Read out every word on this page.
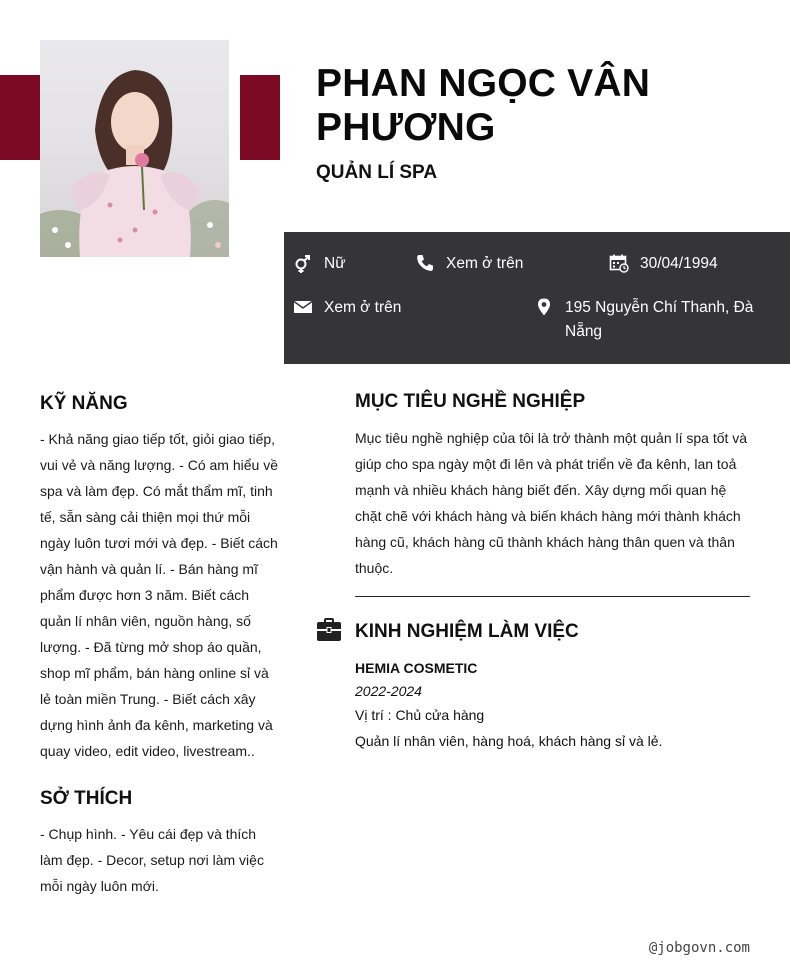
PHAN NGỌC VÂN PHƯƠNG
QUẢN LÍ SPA
Nữ	Xem ở trên	30/04/1994
Xem ở trên	195 Nguyễn Chí Thanh, Đà Nẵng
KỸ NĂNG
- Khả năng giao tiếp tốt, giỏi giao tiếp, vui vẻ và năng lượng. - Có am hiểu về spa và làm đẹp. Có mắt thẩm mĩ, tinh tế, sẵn sàng cải thiện mọi thứ mỗi ngày luôn tươi mới và đẹp. - Biết cách vận hành và quản lí. - Bán hàng mĩ phẩm được hơn 3 năm. Biết cách quản lí nhân viên, nguồn hàng, số lượng. - Đã từng mở shop áo quần, shop mĩ phẩm, bán hàng online sỉ và lẻ toàn miền Trung. - Biết cách xây dựng hình ảnh đa kênh, marketing và quay video, edit video, livestream..
SỞ THÍCH
- Chụp hình. - Yêu cái đẹp và thích làm đẹp. - Decor, setup nơi làm việc mỗi ngày luôn mới.
MỤC TIÊU NGHỀ NGHIỆP
Mục tiêu nghề nghiệp của tôi là trở thành một quản lí spa tốt và giúp cho spa ngày một đi lên và phát triển về đa kênh, lan toả mạnh và nhiều khách hàng biết đến. Xây dựng mối quan hệ chặt chẽ với khách hàng và biến khách hàng mới thành khách hàng cũ, khách hàng cũ thành khách hàng thân quen và thân thuộc.
KINH NGHIỆM LÀM VIỆC
HEMIA COSMETIC
2022-2024
Vị trí : Chủ cửa hàng
Quản lí nhân viên, hàng hoá, khách hàng sỉ và lẻ.
@jobgovn.com
